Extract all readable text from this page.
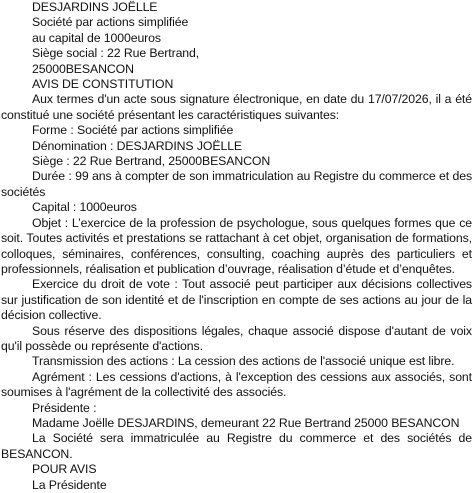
DESJARDINS JOËLLE

Société par actions simplifiée

au capital de 1000euros

Siège social : 22 Rue Bertrand,

25000BESANCON

AVIS DE CONSTITUTION

Aux termes d'un acte sous signature électronique, en date du 17/07/2026, il a été constitué une société présentant les caractéristiques suivantes:

Forme : Société par actions simplifiée

Dénomination : DESJARDINS JOËLLE

Siège : 22 Rue Bertrand, 25000BESANCON

Durée : 99 ans à compter de son immatriculation au Registre du commerce et des sociétés

Capital : 1000euros

Objet : L’exercice de la profession de psychologue, sous quelques formes que ce soit. Toutes activités et prestations se rattachant à cet objet, organisation de formations, colloques, séminaires, conférences, consulting, coaching auprès des particuliers et professionnels, réalisation et publication d’ouvrage, réalisation d’étude et d’enquêtes.

Exercice du droit de vote : Tout associé peut participer aux décisions collectives sur justification de son identité et de l'inscription en compte de ses actions au jour de la décision collective.

Sous réserve des dispositions légales, chaque associé dispose d'autant de voix qu'il possède ou représente d'actions.

Transmission des actions : La cession des actions de l'associé unique est libre.

Agrément : Les cessions d'actions, à l'exception des cessions aux associés, sont soumises à l'agrément de la collectivité des associés.

Présidente :

Madame Joëlle DESJARDINS, demeurant 22 Rue Bertrand 25000 BESANCON

La Société sera immatriculée au Registre du commerce et des sociétés de BESANCON.

POUR AVIS

La Présidente
